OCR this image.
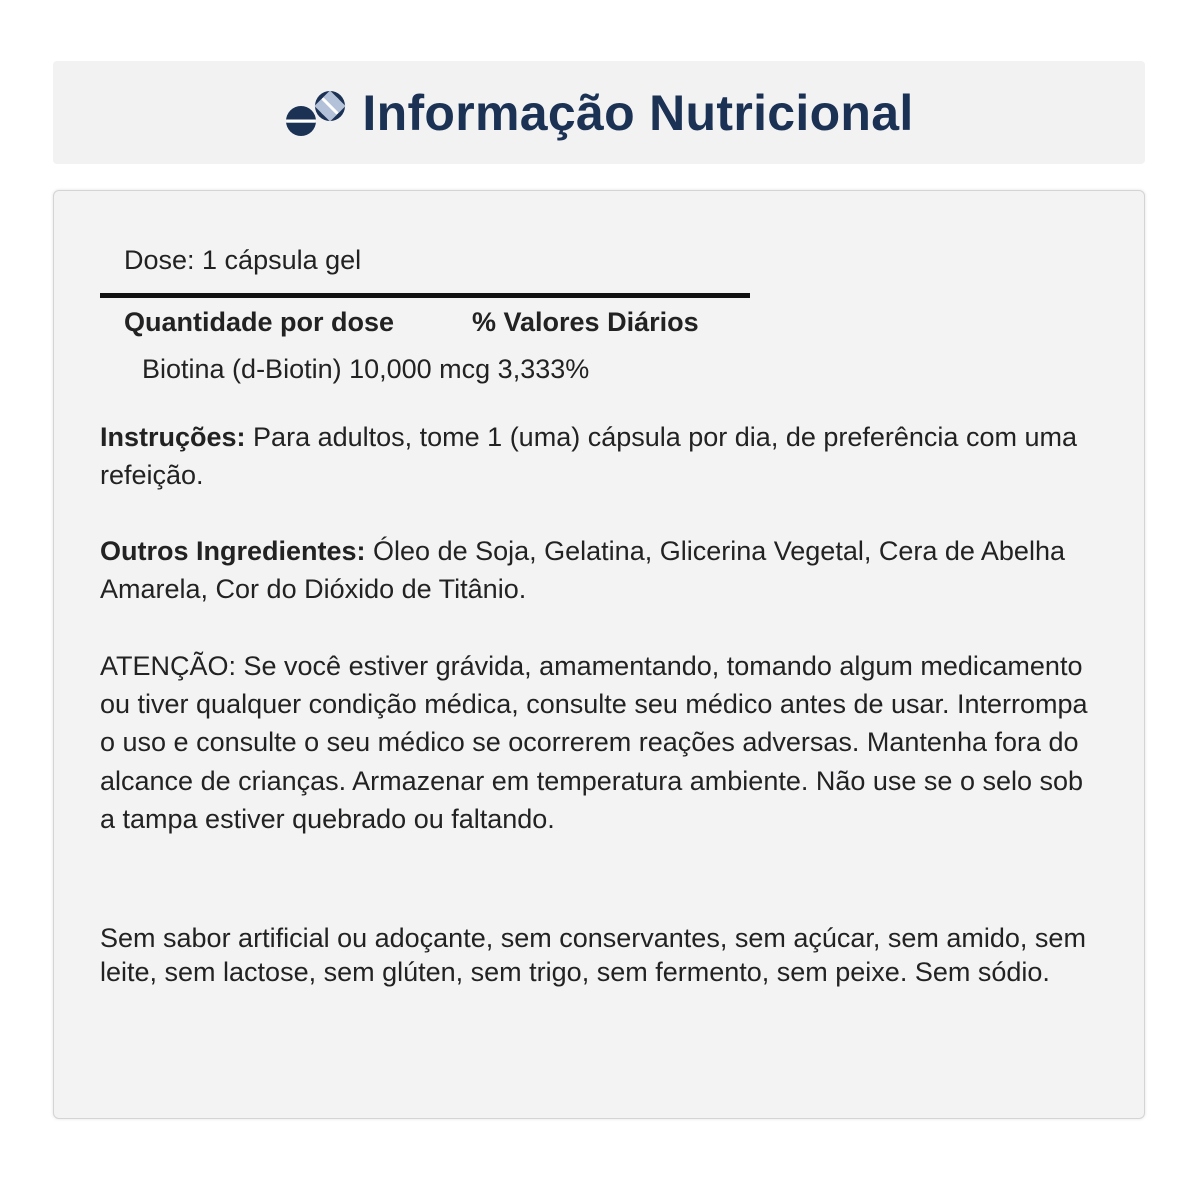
Informação Nutricional
Dose: 1 cápsula gel
Quantidade por dose	% Valores Diários
Biotina (d-Biotin) 10,000 mcg 3,333%
Instruções: Para adultos, tome 1 (uma) cápsula por dia, de preferência com uma refeição.
Outros Ingredientes: Óleo de Soja, Gelatina, Glicerina Vegetal, Cera de Abelha Amarela, Cor do Dióxido de Titânio.
ATENÇÃO: Se você estiver grávida, amamentando, tomando algum medicamento ou tiver qualquer condição médica, consulte seu médico antes de usar. Interrompa o uso e consulte o seu médico se ocorrerem reações adversas. Mantenha fora do alcance de crianças. Armazenar em temperatura ambiente. Não use se o selo sob a tampa estiver quebrado ou faltando.
Sem sabor artificial ou adoçante, sem conservantes, sem açúcar, sem amido, sem leite, sem lactose, sem glúten, sem trigo, sem fermento, sem peixe. Sem sódio.
